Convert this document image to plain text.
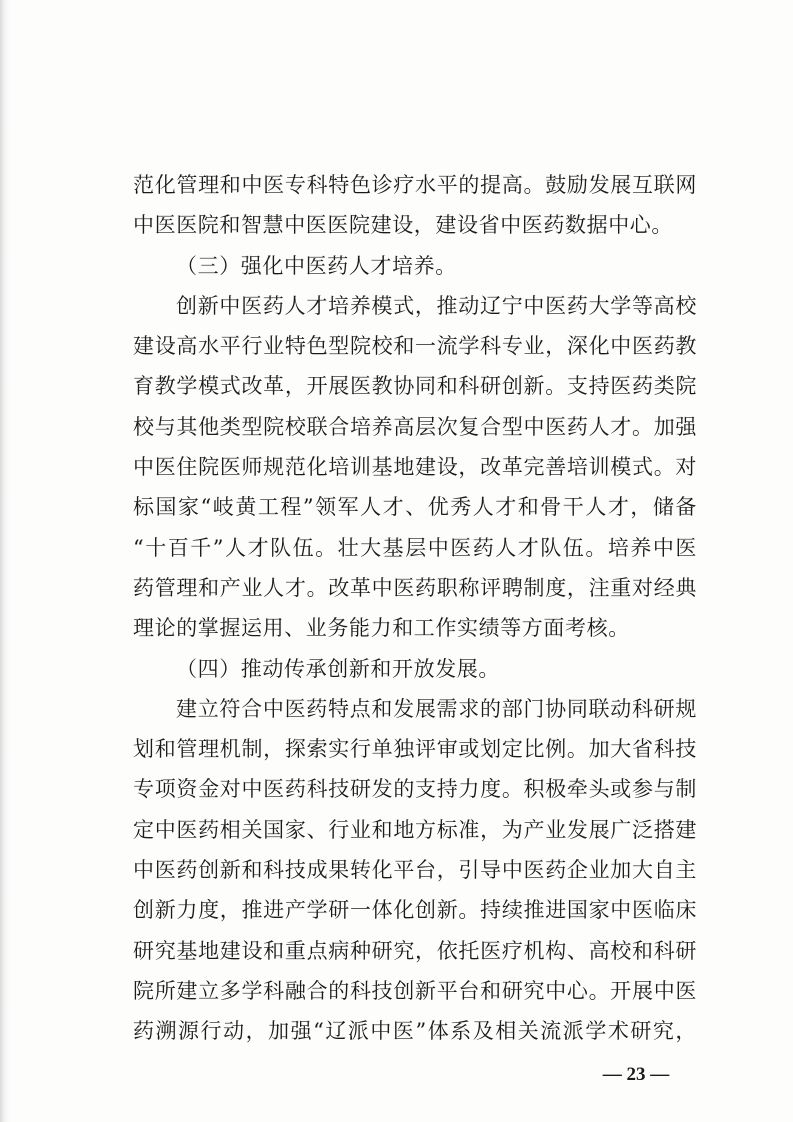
范化管理和中医专科特色诊疗水平的提高。鼓励发展互联网
中医医院和智慧中医医院建设，建设省中医药数据中心。
（三）强化中医药人才培养。
创新中医药人才培养模式，推动辽宁中医药大学等高校
建设高水平行业特色型院校和一流学科专业，深化中医药教
育教学模式改革，开展医教协同和科研创新。支持医药类院
校与其他类型院校联合培养高层次复合型中医药人才。加强
中医住院医师规范化培训基地建设，改革完善培训模式。对
标国家“岐黄工程”领军人才、优秀人才和骨干人才，储备
“十百千”人才队伍。壮大基层中医药人才队伍。培养中医
药管理和产业人才。改革中医药职称评聘制度，注重对经典
理论的掌握运用、业务能力和工作实绩等方面考核。
（四）推动传承创新和开放发展。
建立符合中医药特点和发展需求的部门协同联动科研规
划和管理机制，探索实行单独评审或划定比例。加大省科技
专项资金对中医药科技研发的支持力度。积极牵头或参与制
定中医药相关国家、行业和地方标准，为产业发展广泛搭建
中医药创新和科技成果转化平台，引导中医药企业加大自主
创新力度，推进产学研一体化创新。持续推进国家中医临床
研究基地建设和重点病种研究，依托医疗机构、高校和科研
院所建立多学科融合的科技创新平台和研究中心。开展中医
药溯源行动，加强“辽派中医”体系及相关流派学术研究，
— 23 —
